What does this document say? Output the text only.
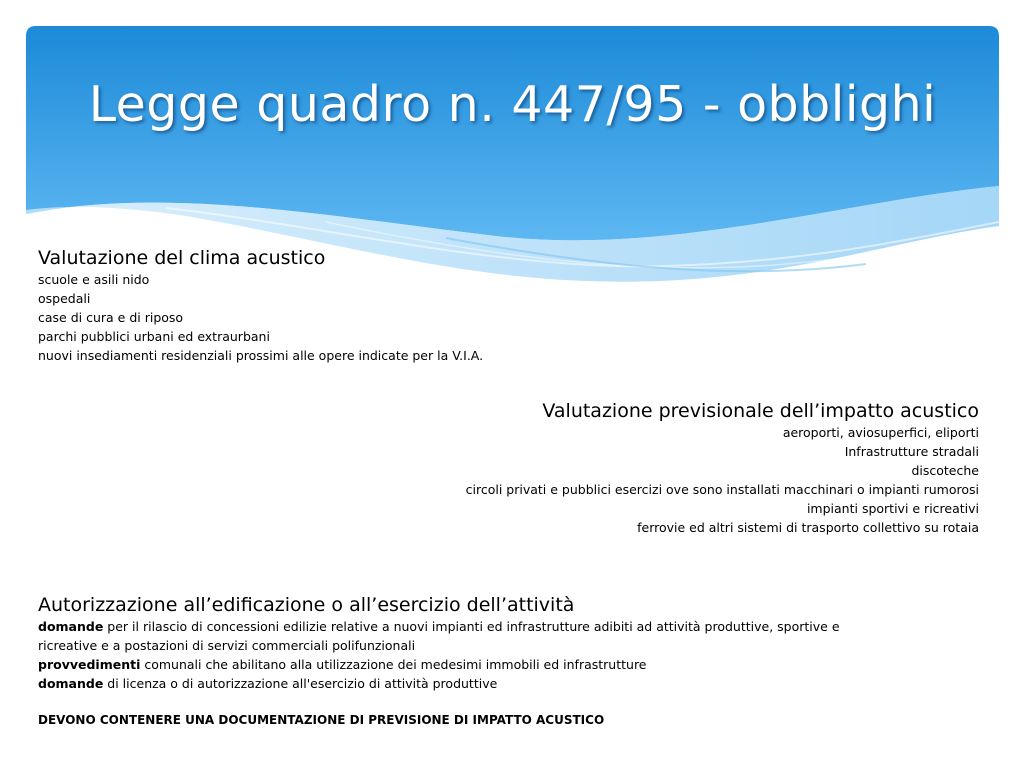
Legge quadro n. 447/95 - obblighi
Valutazione del clima acustico
scuole e asili nido
ospedali
case di cura e di riposo
parchi pubblici urbani ed extraurbani
nuovi insediamenti residenziali prossimi alle opere indicate per la V.I.A.
Valutazione previsionale dell’impatto acustico
aeroporti, aviosuperfici, eliporti
Infrastrutture stradali
discoteche
circoli privati e pubblici esercizi ove sono installati macchinari o impianti rumorosi
impianti sportivi e ricreativi
ferrovie ed altri sistemi di trasporto collettivo su rotaia
Autorizzazione all’edificazione o all’esercizio dell’attività
domande per il rilascio di concessioni edilizie relative a nuovi impianti ed infrastrutture adibiti ad attività produttive, sportive e ricreative e a postazioni di servizi commerciali polifunzionali
provvedimenti comunali che abilitano alla utilizzazione dei medesimi immobili ed infrastrutture
domande di licenza o di autorizzazione all'esercizio di attività produttive
DEVONO CONTENERE UNA DOCUMENTAZIONE DI PREVISIONE DI IMPATTO ACUSTICO
